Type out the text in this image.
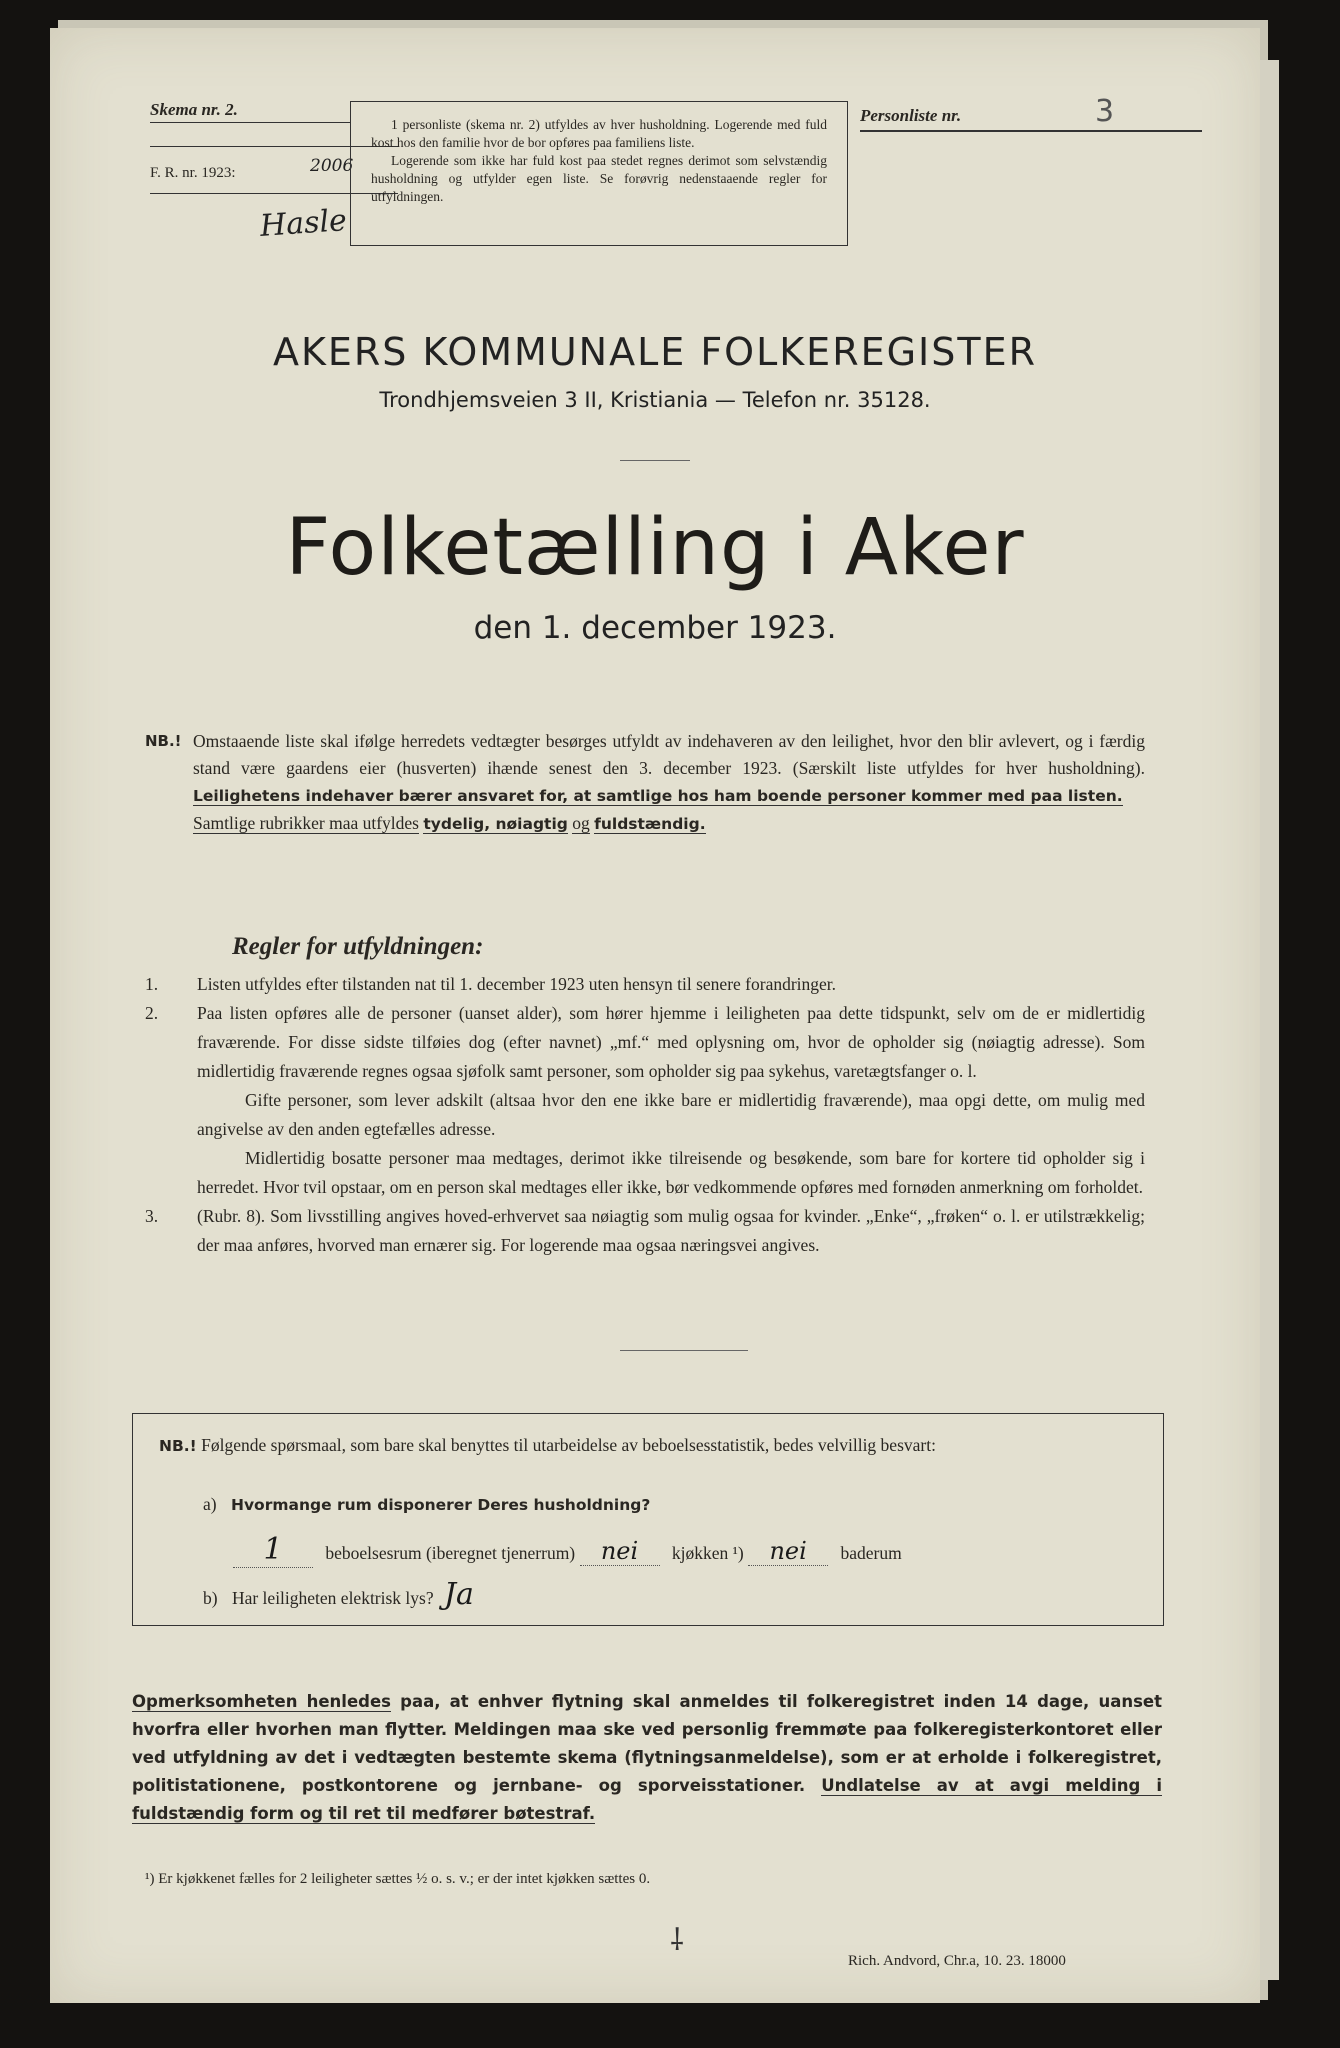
Skema nr. 2.
F. R. nr. 1923:	2006
Hasle

1 personliste (skema nr. 2) utfyldes av hver husholdning. Logerende med fuld kost hos den familie hvor de bor opføres paa familiens liste.

Logerende som ikke har fuld kost paa stedet regnes derimot som selvstændig husholdning og utfylder egen liste. Se forøvrig nedenstaaende regler for utfyldningen.

Personliste nr.	3
AKERS KOMMUNALE FOLKEREGISTER
Trondhjemsveien 3 II, Kristiania — Telefon nr. 35128.
Folketælling i Aker
den 1. december 1923.
NB.! Omstaaende liste skal ifølge herredets vedtægter besørges utfyldt av indehaveren av den leilighet, hvor den blir avlevert, og i færdig stand være gaardens eier (husverten) ihænde senest den 3. december 1923. (Særskilt liste utfyldes for hver husholdning). Leilighetens indehaver bærer ansvaret for, at samtlige hos ham boende personer kommer med paa listen.
Samtlige rubrikker maa utfyldes tydelig, nøiagtig og fuldstændig.
Regler for utfyldningen:
1. Listen utfyldes efter tilstanden nat til 1. december 1923 uten hensyn til senere forandringer.

2. Paa listen opføres alle de personer (uanset alder), som hører hjemme i leiligheten paa dette tidspunkt, selv om de er midlertidig fraværende. For disse sidste tilføies dog (efter navnet) „mf.“ med oplysning om, hvor de opholder sig (nøiagtig adresse). Som midlertidig fraværende regnes ogsaa sjøfolk samt personer, som opholder sig paa sykehus, varetægtsfanger o. l.

Gifte personer, som lever adskilt (altsaa hvor den ene ikke bare er midlertidig fraværende), maa opgi dette, om mulig med angivelse av den anden egtefælles adresse.

Midlertidig bosatte personer maa medtages, derimot ikke tilreisende og besøkende, som bare for kortere tid opholder sig i herredet. Hvor tvil opstaar, om en person skal medtages eller ikke, bør vedkommende opføres med fornøden anmerkning om forholdet.

3. (Rubr. 8). Som livsstilling angives hoved-erhvervet saa nøiagtig som mulig ogsaa for kvinder. „Enke“, „frøken“ o. l. er utilstrækkelig; der maa anføres, hvorved man ernærer sig. For logerende maa ogsaa næringsvei angives.

NB.! Følgende spørsmaal, som bare skal benyttes til utarbeidelse av beboelsesstatistik, bedes velvillig besvart:
a) Hvormange rum disponerer Deres husholdning?
1 beboelsesrum (iberegnet tjenerrum) nei kjøkken ¹) nei baderum
b) Har leiligheten elektrisk lys? Ja
Opmerksomheten henledes paa, at enhver flytning skal anmeldes til folkeregistret inden 14 dage, uanset hvorfra eller hvorhen man flytter. Meldingen maa ske ved personlig fremmøte paa folkeregisterkontoret eller ved utfyldning av det i vedtægten bestemte skema (flytningsanmeldelse), som er at erholde i folkeregistret, politistationene, postkontorene og jernbane- og sporveisstationer. Undlatelse av at avgi melding i fuldstændig form og til ret til medfører bøtestraf.
¹) Er kjøkkenet fælles for 2 leiligheter sættes ½ o. s. v.; er der intet kjøkken sættes 0.
⸸
Rich. Andvord, Chr.a, 10. 23. 18000
